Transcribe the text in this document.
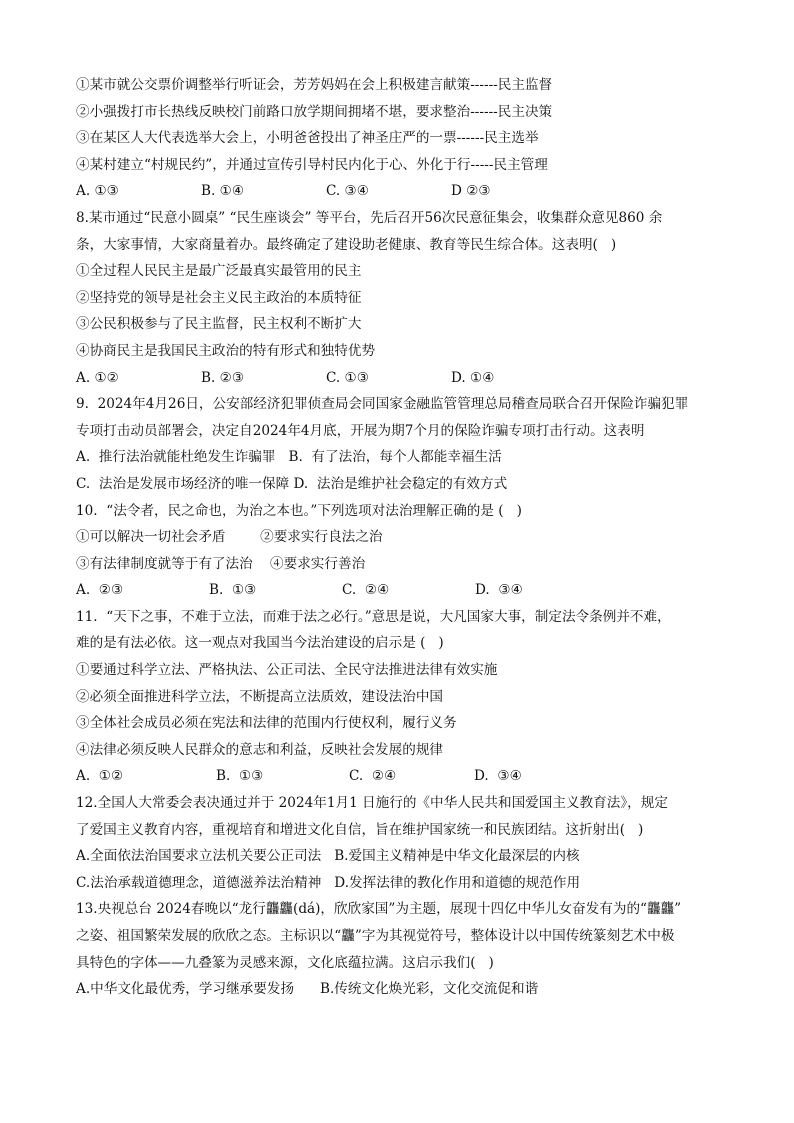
①某市就公交票价调整举行听证会，芳芳妈妈在会上积极建言献策------民主监督
②小强拨打市长热线反映校门前路口放学期间拥堵不堪，要求整治------民主决策
③在某区人大代表选举大会上，小明爸爸投出了神圣庄严的一票------民主选举
④某村建立“村规民约”，并通过宣传引导村民内化于心、外化于行-----民主管理
A. ①③	B. ①④	C. ③④	D ②③
8.某市通过“民意小圆桌” “民生座谈会” 等平台，先后召开56次民意征集会，收集群众意见860 余
条，大家事情，大家商量着办。最终确定了建设助老健康、教育等民生综合体。这表明(   )
①全过程人民民主是最广泛最真实最管用的民主
②坚持党的领导是社会主义民主政治的本质特征
③公民积极参与了民主监督，民主权利不断扩大
④协商民主是我国民主政治的特有形式和独特优势
A. ①②	B. ②③	C. ①③	D. ①④
9.  2024年4月26日，公安部经济犯罪侦查局会同国家金融监管管理总局稽查局联合召开保险诈骗犯罪
专项打击动员部署会，决定自2024年4月底，开展为期7个月的保险诈骗专项打击行动。这表明
A.  推行法治就能杜绝发生诈骗罪   B.  有了法治，每个人都能幸福生活
C.  法治是发展市场经济的唯一保障 D.  法治是维护社会稳定的有效方式
10.  “法令者，民之命也，为治之本也。”下列选项对法治理解正确的是 (   )
①可以解决一切社会矛盾        ②要求实行良法之治
③有法律制度就等于有了法治    ④要求实行善治
A.  ②③	B.  ①③	C.  ②④	D.  ③④
11.  “天下之事，不难于立法，而难于法之必行。”意思是说，大凡国家大事，制定法令条例并不难，
难的是有法必依。这一观点对我国当今法治建设的启示是 (   )
①要通过科学立法、严格执法、公正司法、全民守法推进法律有效实施
②必须全面推进科学立法，不断提高立法质效，建设法治中国
③全体社会成员必须在宪法和法律的范围内行使权利，履行义务
④法律必须反映人民群众的意志和利益，反映社会发展的规律
A.  ①②	B.  ①③	C.  ②④	D.  ③④
12.全国人大常委会表决通过并于 2024年1月1 日施行的《中华人民共和国爱国主义教育法》，规定
了爱国主义教育内容，重视培育和增进文化自信，旨在维护国家统一和民族团结。这折射出(   )
A.全面依法治国要求立法机关要公正司法   B.爱国主义精神是中华文化最深层的内核
C.法治承载道德理念，道德滋养法治精神   D.发挥法律的教化作用和道德的规范作用
13.央视总台 2024春晚以“龙行龘龘(dá)，欣欣家国”为主题，展现十四亿中华儿女奋发有为的“龘龘”
之姿、祖国繁荣发展的欣欣之态。主标识以“龘”字为其视觉符号，整体设计以中国传统篆刻艺术中极
具特色的字体——九叠篆为灵感来源，文化底蕴拉满。这启示我们(   )
A.中华文化最优秀，学习继承要发扬      B.传统文化焕光彩，文化交流促和谐
